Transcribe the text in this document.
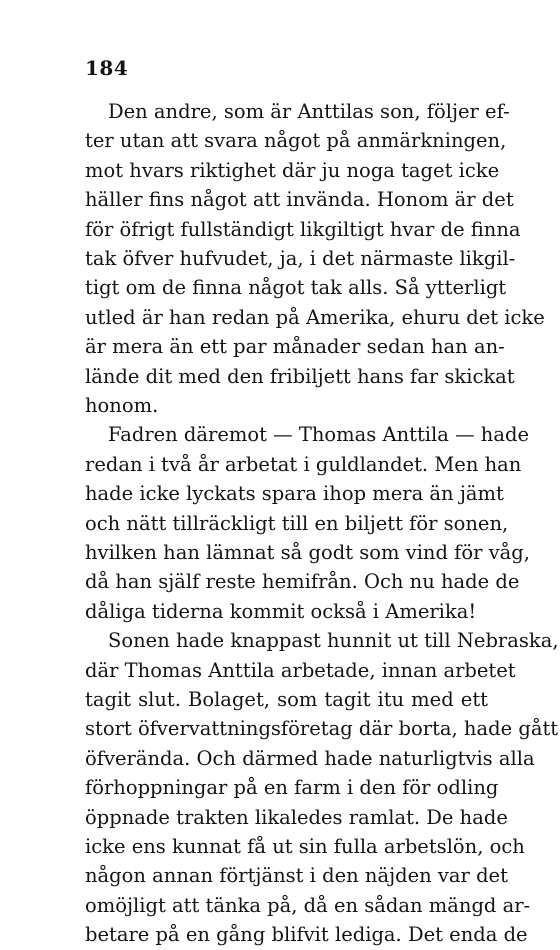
184
Den andre, som är Anttilas son, följer ef-
ter utan att svara något på anmärkningen,
mot hvars riktighet där ju noga taget icke
häller fins något att invända. Honom är det
för öfrigt fullständigt likgiltigt hvar de finna
tak öfver hufvudet, ja, i det närmaste likgil-
tigt om de finna något tak alls. Så ytterligt
utled är han redan på Amerika, ehuru det icke
är mera än ett par månader sedan han an-
lände dit med den fribiljett hans far skickat
honom.
Fadren däremot — Thomas Anttila — hade
redan i två år arbetat i guldlandet. Men han
hade icke lyckats spara ihop mera än jämt
och nätt tillräckligt till en biljett för sonen,
hvilken han lämnat så godt som vind för våg,
då han själf reste hemifrån. Och nu hade de
dåliga tiderna kommit också i Amerika!
Sonen hade knappast hunnit ut till Nebraska,
där Thomas Anttila arbetade, innan arbetet
tagit slut. Bolaget, som tagit itu med ett
stort öfvervattningsföretag där borta, hade gått
öfverända. Och därmed hade naturligtvis alla
förhoppningar på en farm i den för odling
öppnade trakten likaledes ramlat. De hade
icke ens kunnat få ut sin fulla arbetslön, och
någon annan förtjänst i den näjden var det
omöjligt att tänka på, då en sådan mängd ar-
betare på en gång blifvit lediga. Det enda de
